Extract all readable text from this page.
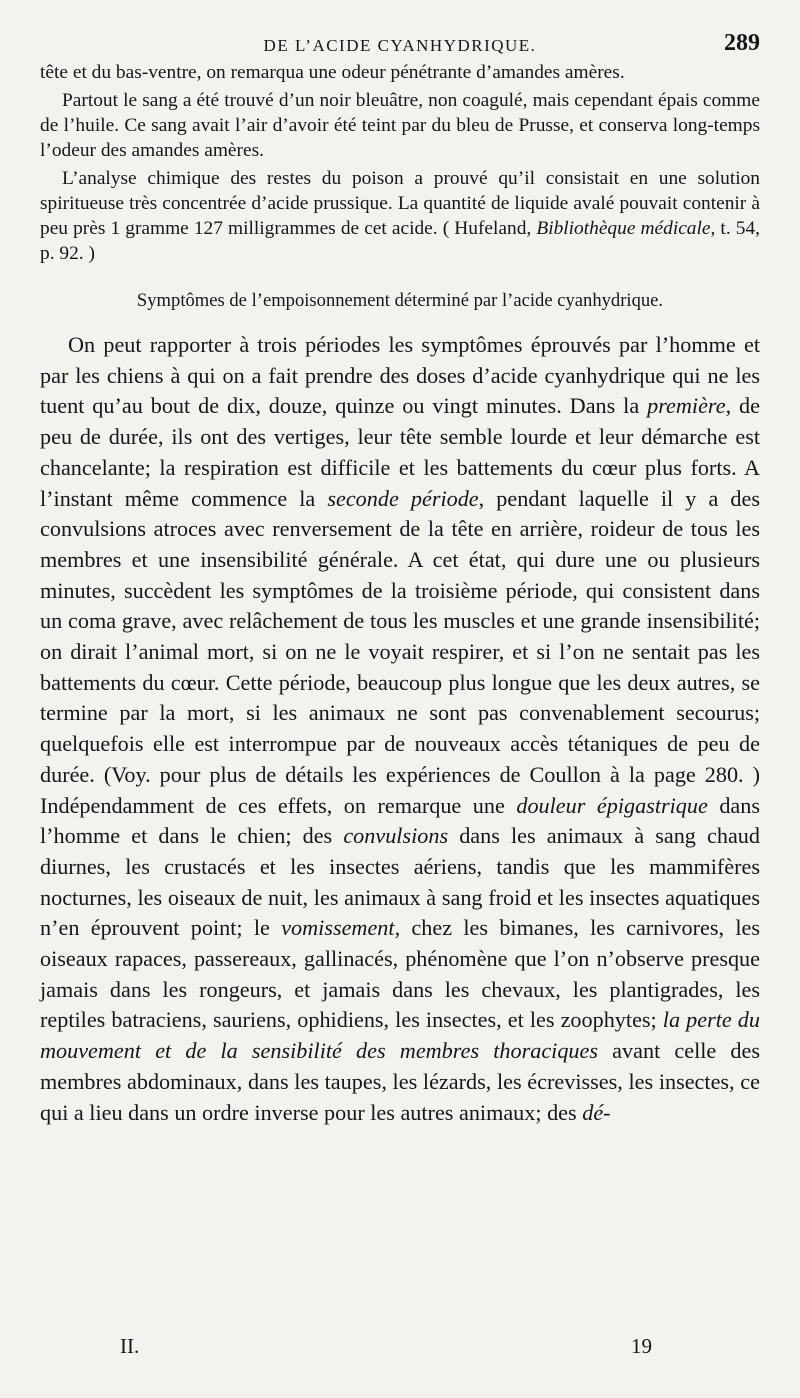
DE L’ACIDE CYANHYDRIQUE.	289

tête et du bas-ventre, on remarqua une odeur pénétrante d’amandes amères.

Partout le sang a été trouvé d’un noir bleuâtre, non coagulé, mais cependant épais comme de l’huile. Ce sang avait l’air d’avoir été teint par du bleu de Prusse, et conserva long-temps l’odeur des amandes amères.

L’analyse chimique des restes du poison a prouvé qu’il consistait en une solution spiritueuse très concentrée d’acide prussique. La quantité de liquide avalé pouvait contenir à peu près 1 gramme 127 milligrammes de cet acide. ( Hufeland, Bibliothèque médicale, t. 54, p. 92. )

Symptômes de l’empoisonnement déterminé par l’acide cyanhydrique.

On peut rapporter à trois périodes les symptômes éprouvés par l’homme et par les chiens à qui on a fait prendre des doses d’acide cyanhydrique qui ne les tuent qu’au bout de dix, douze, quinze ou vingt minutes. Dans la première, de peu de durée, ils ont des vertiges, leur tête semble lourde et leur démarche est chancelante; la respiration est difficile et les battements du cœur plus forts. A l’instant même commence la seconde période, pendant laquelle il y a des convulsions atroces avec renversement de la tête en arrière, roideur de tous les membres et une insensibilité générale. A cet état, qui dure une ou plusieurs minutes, succèdent les symptômes de la troisième période, qui consistent dans un coma grave, avec relâchement de tous les muscles et une grande insensibilité; on dirait l’animal mort, si on ne le voyait respirer, et si l’on ne sentait pas les battements du cœur. Cette période, beaucoup plus longue que les deux autres, se termine par la mort, si les animaux ne sont pas convenablement secourus; quelquefois elle est interrompue par de nouveaux accès tétaniques de peu de durée. (Voy. pour plus de détails les expériences de Coullon à la page 280. ) Indépendamment de ces effets, on remarque une douleur épigastrique dans l’homme et dans le chien; des convulsions dans les animaux à sang chaud diurnes, les crustacés et les insectes aériens, tandis que les mammifères nocturnes, les oiseaux de nuit, les animaux à sang froid et les insectes aquatiques n’en éprouvent point; le vomissement, chez les bimanes, les carnivores, les oiseaux rapaces, passereaux, gallinacés, phénomène que l’on n’observe presque jamais dans les rongeurs, et jamais dans les chevaux, les plantigrades, les reptiles batraciens, sauriens, ophidiens, les insectes, et les zoophytes; la perte du mouvement et de la sensibilité des membres thoraciques avant celle des membres abdominaux, dans les taupes, les lézards, les écrevisses, les insectes, ce qui a lieu dans un ordre inverse pour les autres animaux; des dé-

II.	19
